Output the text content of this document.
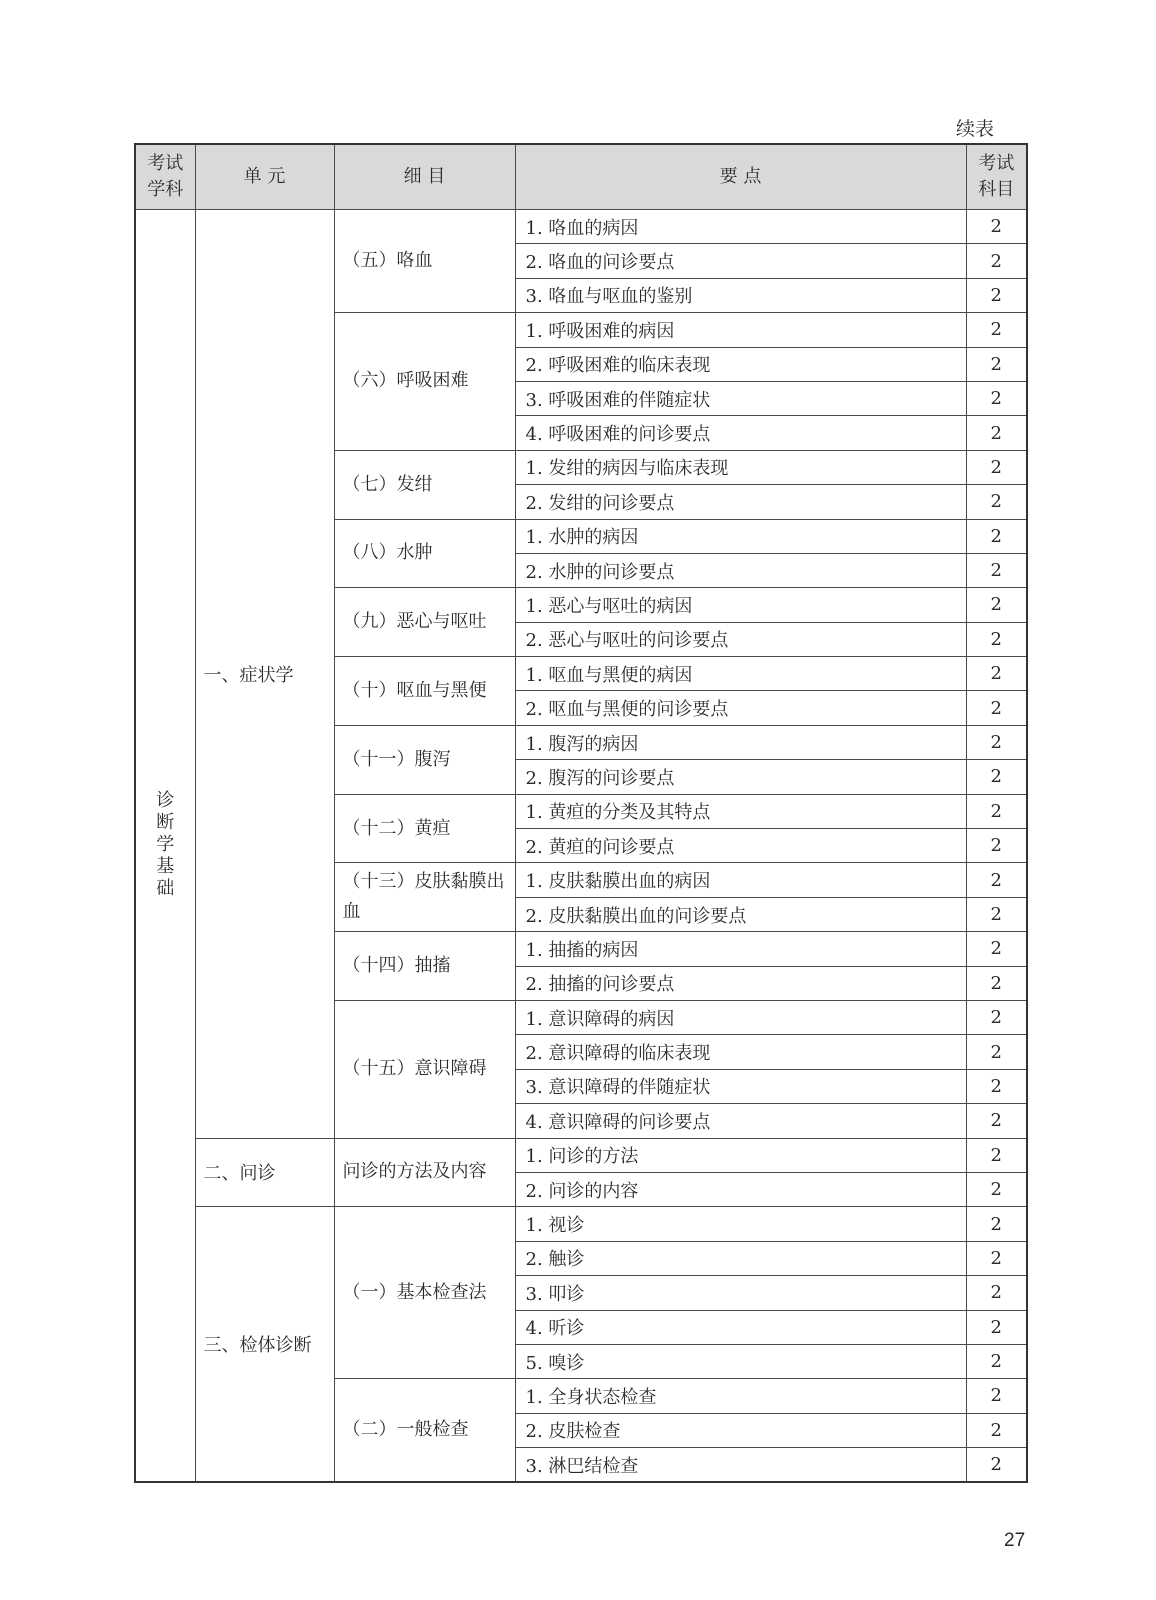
续表
考试学科	单 元	细 目	要 点	考试科目

诊断学基础	一、症状学	（五）咯血	1. 咯血的病因	2
			2. 咯血的问诊要点	2
			3. 咯血与呕血的鉴别	2
		（六）呼吸困难	1. 呼吸困难的病因	2
			2. 呼吸困难的临床表现	2
			3. 呼吸困难的伴随症状	2
			4. 呼吸困难的问诊要点	2
		（七）发绀	1. 发绀的病因与临床表现	2
			2. 发绀的问诊要点	2
		（八）水肿	1. 水肿的病因	2
			2. 水肿的问诊要点	2
		（九）恶心与呕吐	1. 恶心与呕吐的病因	2
			2. 恶心与呕吐的问诊要点	2
		（十）呕血与黑便	1. 呕血与黑便的病因	2
			2. 呕血与黑便的问诊要点	2
		（十一）腹泻	1. 腹泻的病因	2
			2. 腹泻的问诊要点	2
		（十二）黄疸	1. 黄疸的分类及其特点	2
			2. 黄疸的问诊要点	2
		（十三）皮肤黏膜出血	1. 皮肤黏膜出血的病因	2
			2. 皮肤黏膜出血的问诊要点	2
		（十四）抽搐	1. 抽搐的病因	2
			2. 抽搐的问诊要点	2
		（十五）意识障碍	1. 意识障碍的病因	2
			2. 意识障碍的临床表现	2
			3. 意识障碍的伴随症状	2
			4. 意识障碍的问诊要点	2
	二、问诊	问诊的方法及内容	1. 问诊的方法	2
			2. 问诊的内容	2
	三、检体诊断	（一）基本检查法	1. 视诊	2
			2. 触诊	2
			3. 叩诊	2
			4. 听诊	2
			5. 嗅诊	2
		（二）一般检查	1. 全身状态检查	2
			2. 皮肤检查	2
			3. 淋巴结检查	2
27
